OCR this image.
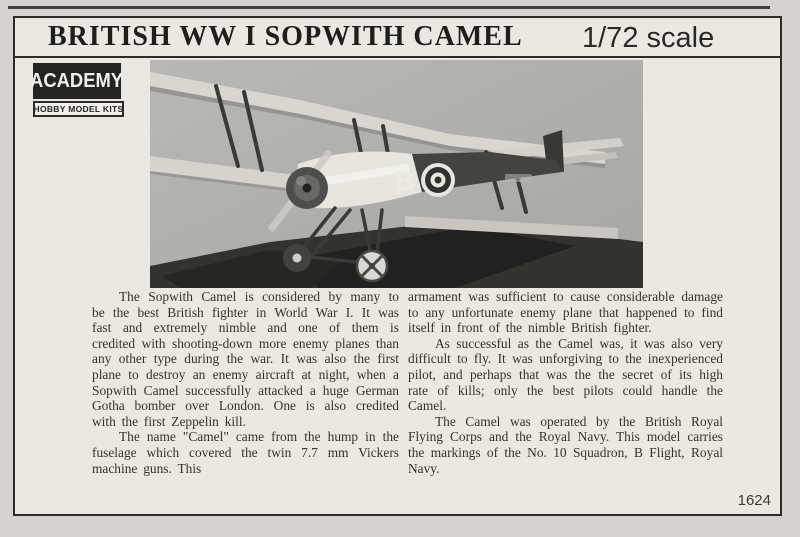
BRITISH WW I SOPWITH CAMEL 1/72 scale
ACADEMY
HOBBY MODEL KITS
B

The Sopwith Camel is considered by many to be the best British fighter in World War I. It was fast and extremely nimble and one of them is credited with shooting-down more enemy planes than any other type during the war. It was also the first plane to destroy an enemy aircraft at night, when a Sopwith Camel successfully attacked a huge German Gotha bomber over London. One is also credited with the first Zeppelin kill.

The name "Camel" came from the hump in the fuselage which covered the twin 7.7 mm Vickers machine guns. This

armament was sufficient to cause considerable damage to any unfortunate enemy plane that happened to find itself in front of the nimble British fighter.

As successful as the Camel was, it was also very difficult to fly. It was unforgiving to the inexperienced pilot, and perhaps that was the the secret of its high rate of kills; only the best pilots could handle the Camel.

The Camel was operated by the British Royal Flying Corps and the Royal Navy. This model carries the markings of the No. 10 Squadron, B Flight, Royal Navy.

1624
